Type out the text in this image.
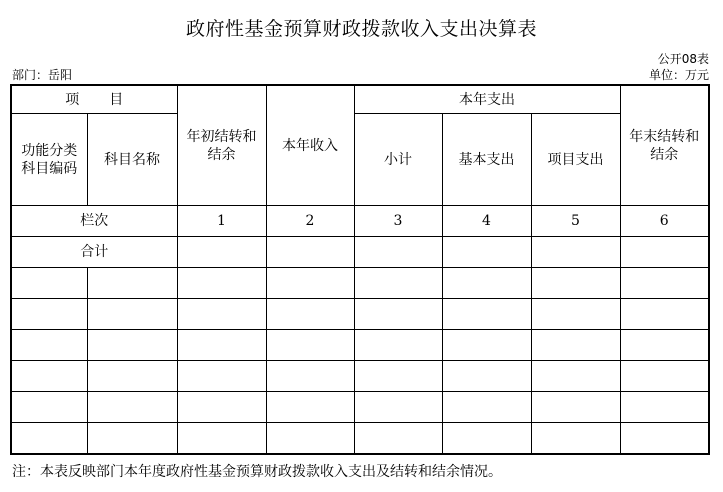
政府性基金预算财政拨款收入支出决算表
公开08表
部门：岳阳	单位：万元
项 目		年初结转和结余	本年收入	本年支出			年末结转和结余

功能分类科目编码	科目名称			小计	基本支出	项目支出	
栏次		1	2	3	4	5	6
合计							

注：本表反映部门本年度政府性基金预算财政拨款收入支出及结转和结余情况。
